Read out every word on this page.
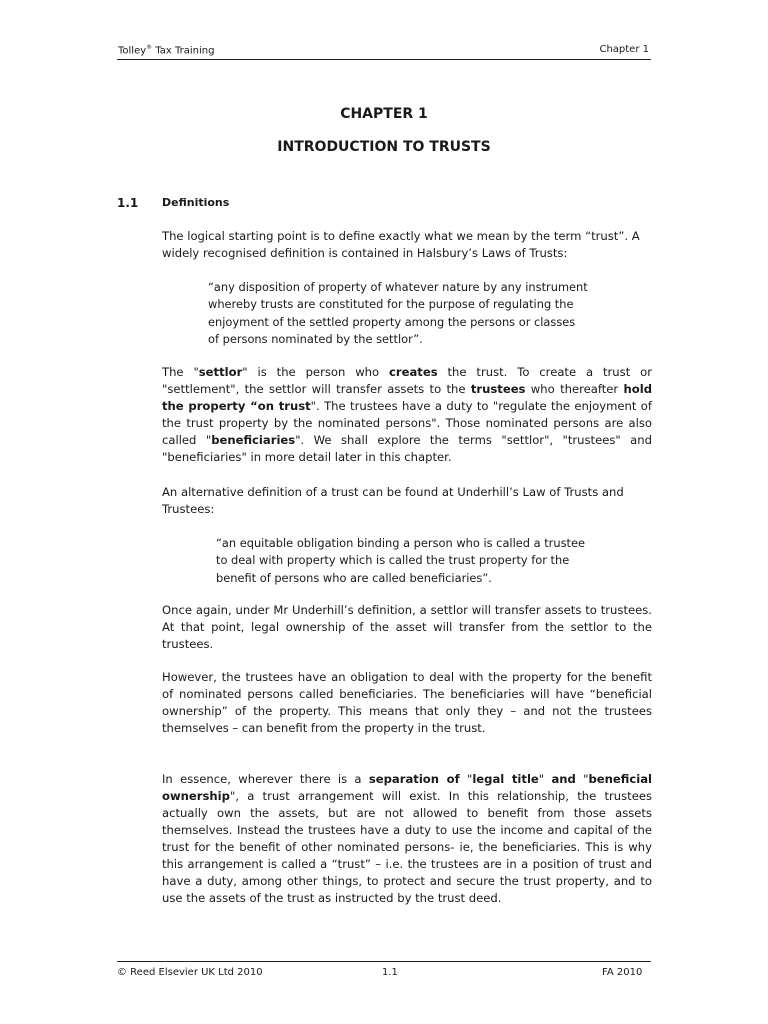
Tolley® Tax Training	Chapter 1
CHAPTER 1
INTRODUCTION TO TRUSTS
1.1 Definitions

The logical starting point is to define exactly what we mean by the term “trust”. A widely recognised definition is contained in Halsbury’s Laws of Trusts:

“any disposition of property of whatever nature by any instrument
whereby trusts are constituted for the purpose of regulating the
enjoyment of the settled property among the persons or classes
of persons nominated by the settlor”.

The "settlor" is the person who creates the trust. To create a trust or "settlement", the settlor will transfer assets to the trustees who thereafter hold the property “on trust". The trustees have a duty to "regulate the enjoyment of the trust property by the nominated persons". Those nominated persons are also called "beneficiaries". We shall explore the terms "settlor", "trustees" and "beneficiaries" in more detail later in this chapter.

An alternative definition of a trust can be found at Underhill’s Law of Trusts and Trustees:

“an equitable obligation binding a person who is called a trustee
to deal with property which is called the trust property for the
benefit of persons who are called beneficiaries”.

Once again, under Mr Underhill’s definition, a settlor will transfer assets to trustees. At that point, legal ownership of the asset will transfer from the settlor to the trustees.

However, the trustees have an obligation to deal with the property for the benefit of nominated persons called beneficiaries. The beneficiaries will have “beneficial ownership” of the property. This means that only they – and not the trustees themselves – can benefit from the property in the trust.

In essence, wherever there is a separation of "legal title" and "beneficial ownership", a trust arrangement will exist. In this relationship, the trustees actually own the assets, but are not allowed to benefit from those assets themselves. Instead the trustees have a duty to use the income and capital of the trust for the benefit of other nominated persons- ie, the beneficiaries. This is why this arrangement is called a “trust” – i.e. the trustees are in a position of trust and have a duty, among other things, to protect and secure the trust property, and to use the assets of the trust as instructed by the trust deed.

© Reed Elsevier UK Ltd 2010	1.1	FA 2010
